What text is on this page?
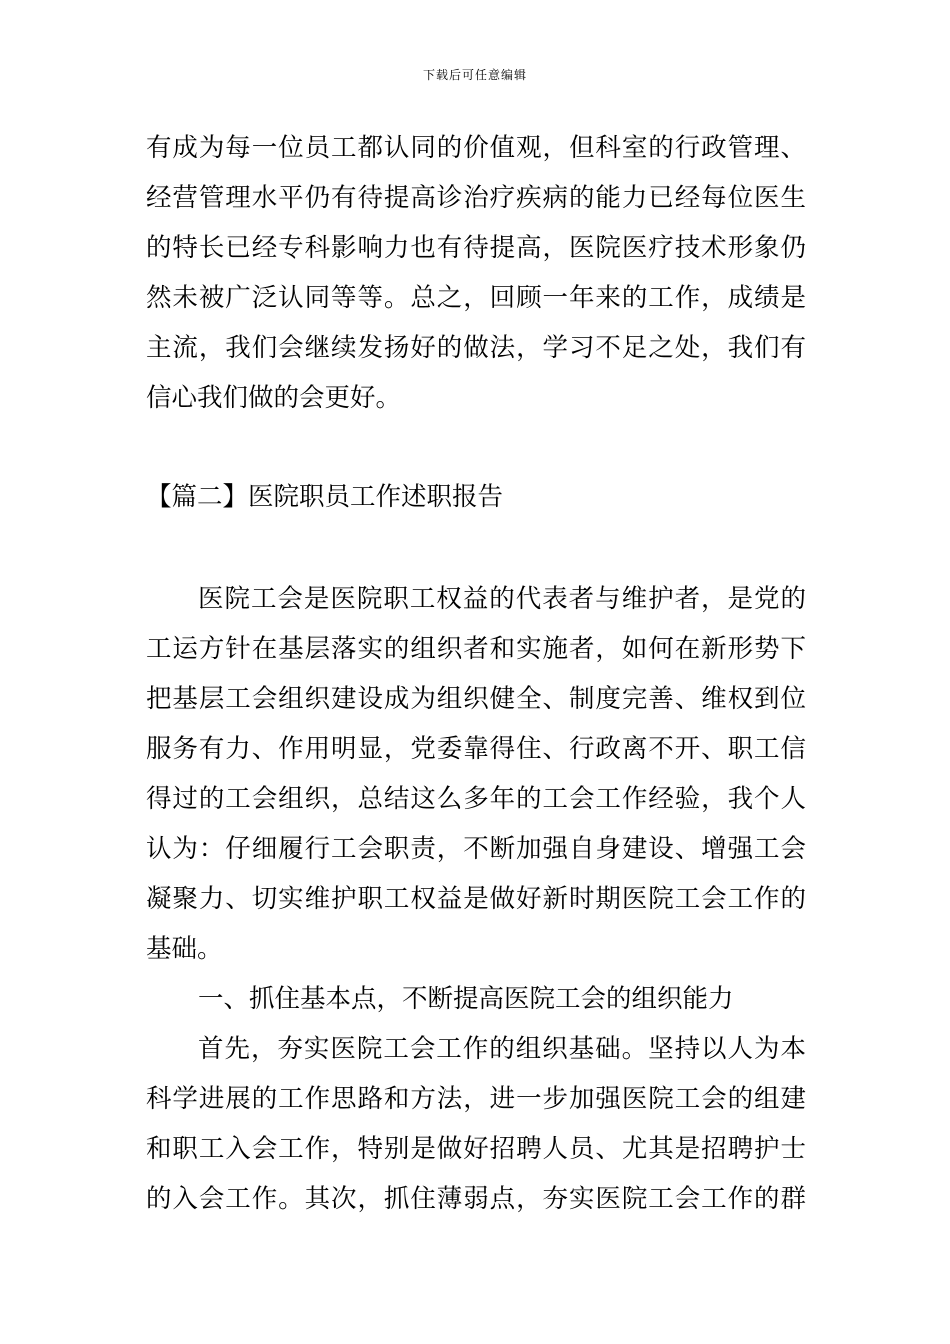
下载后可任意编辑
有成为每一位员工都认同的价值观，但科室的行政管理、
经营管理水平仍有待提高诊治疗疾病的能力已经每位医生
的特长已经专科影响力也有待提高，医院医疗技术形象仍
然未被广泛认同等等。总之，回顾一年来的工作，成绩是
主流，我们会继续发扬好的做法，学习不足之处，我们有
信心我们做的会更好。
【篇二】医院职员工作述职报告
医院工会是医院职工权益的代表者与维护者，是党的
工运方针在基层落实的组织者和实施者，如何在新形势下
把基层工会组织建设成为组织健全、制度完善、维权到位
服务有力、作用明显，党委靠得住、行政离不开、职工信
得过的工会组织，总结这么多年的工会工作经验，我个人
认为：仔细履行工会职责，不断加强自身建设、增强工会
凝聚力、切实维护职工权益是做好新时期医院工会工作的
基础。
一、抓住基本点，不断提高医院工会的组织能力
首先，夯实医院工会工作的组织基础。坚持以人为本
科学进展的工作思路和方法，进一步加强医院工会的组建
和职工入会工作，特别是做好招聘人员、尤其是招聘护士
的入会工作。其次，抓住薄弱点，夯实医院工会工作的群
